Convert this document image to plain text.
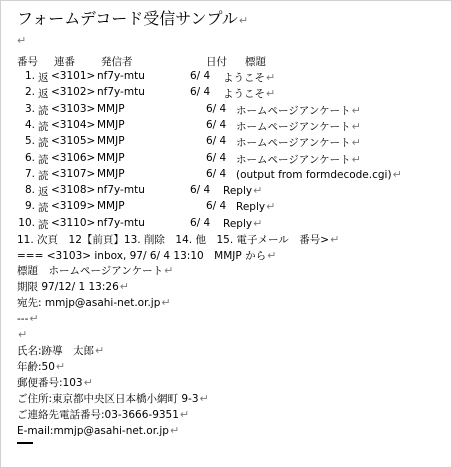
フォームデコード受信サンプル↵
↵
番号 連番 発信者	日付 標題
1. 返 <3101> nf7y-mtu	6/ 4 ようこそ↵
2. 返 <3102> nf7y-mtu	6/ 4 ようこそ↵
3. 読 <3103> MMJP	6/ 4 ホームページアンケート↵
4. 読 <3104> MMJP	6/ 4 ホームページアンケート↵
5. 読 <3105> MMJP	6/ 4 ホームページアンケート↵
6. 読 <3106> MMJP	6/ 4 ホームページアンケート↵
7. 読 <3107> MMJP	6/ 4 (output from formdecode.cgi)↵
8. 返 <3108> nf7y-mtu	6/ 4 Reply↵
9. 読 <3109> MMJP	6/ 4 Reply↵
10. 読 <3110> nf7y-mtu	6/ 4 Reply↵
11. 次頁　12【前頁】13. 削除　14. 他　15. 電子メール　番号>↵
=== <3103> inbox, 97/ 6/ 4 13:10　MMJP から↵
標題　ホームページアンケート↵
期限 97/12/ 1 13:26↵
宛先: mmjp@asahi-net.or.jp↵
---↵
↵
氏名:跡導　太郎↵
年齢:50↵
郵便番号:103↵
ご住所:東京都中央区日本橋小網町 9-3↵
ご連絡先電話番号:03-3666-9351↵
E-mail:mmjp@asahi-net.or.jp↵
